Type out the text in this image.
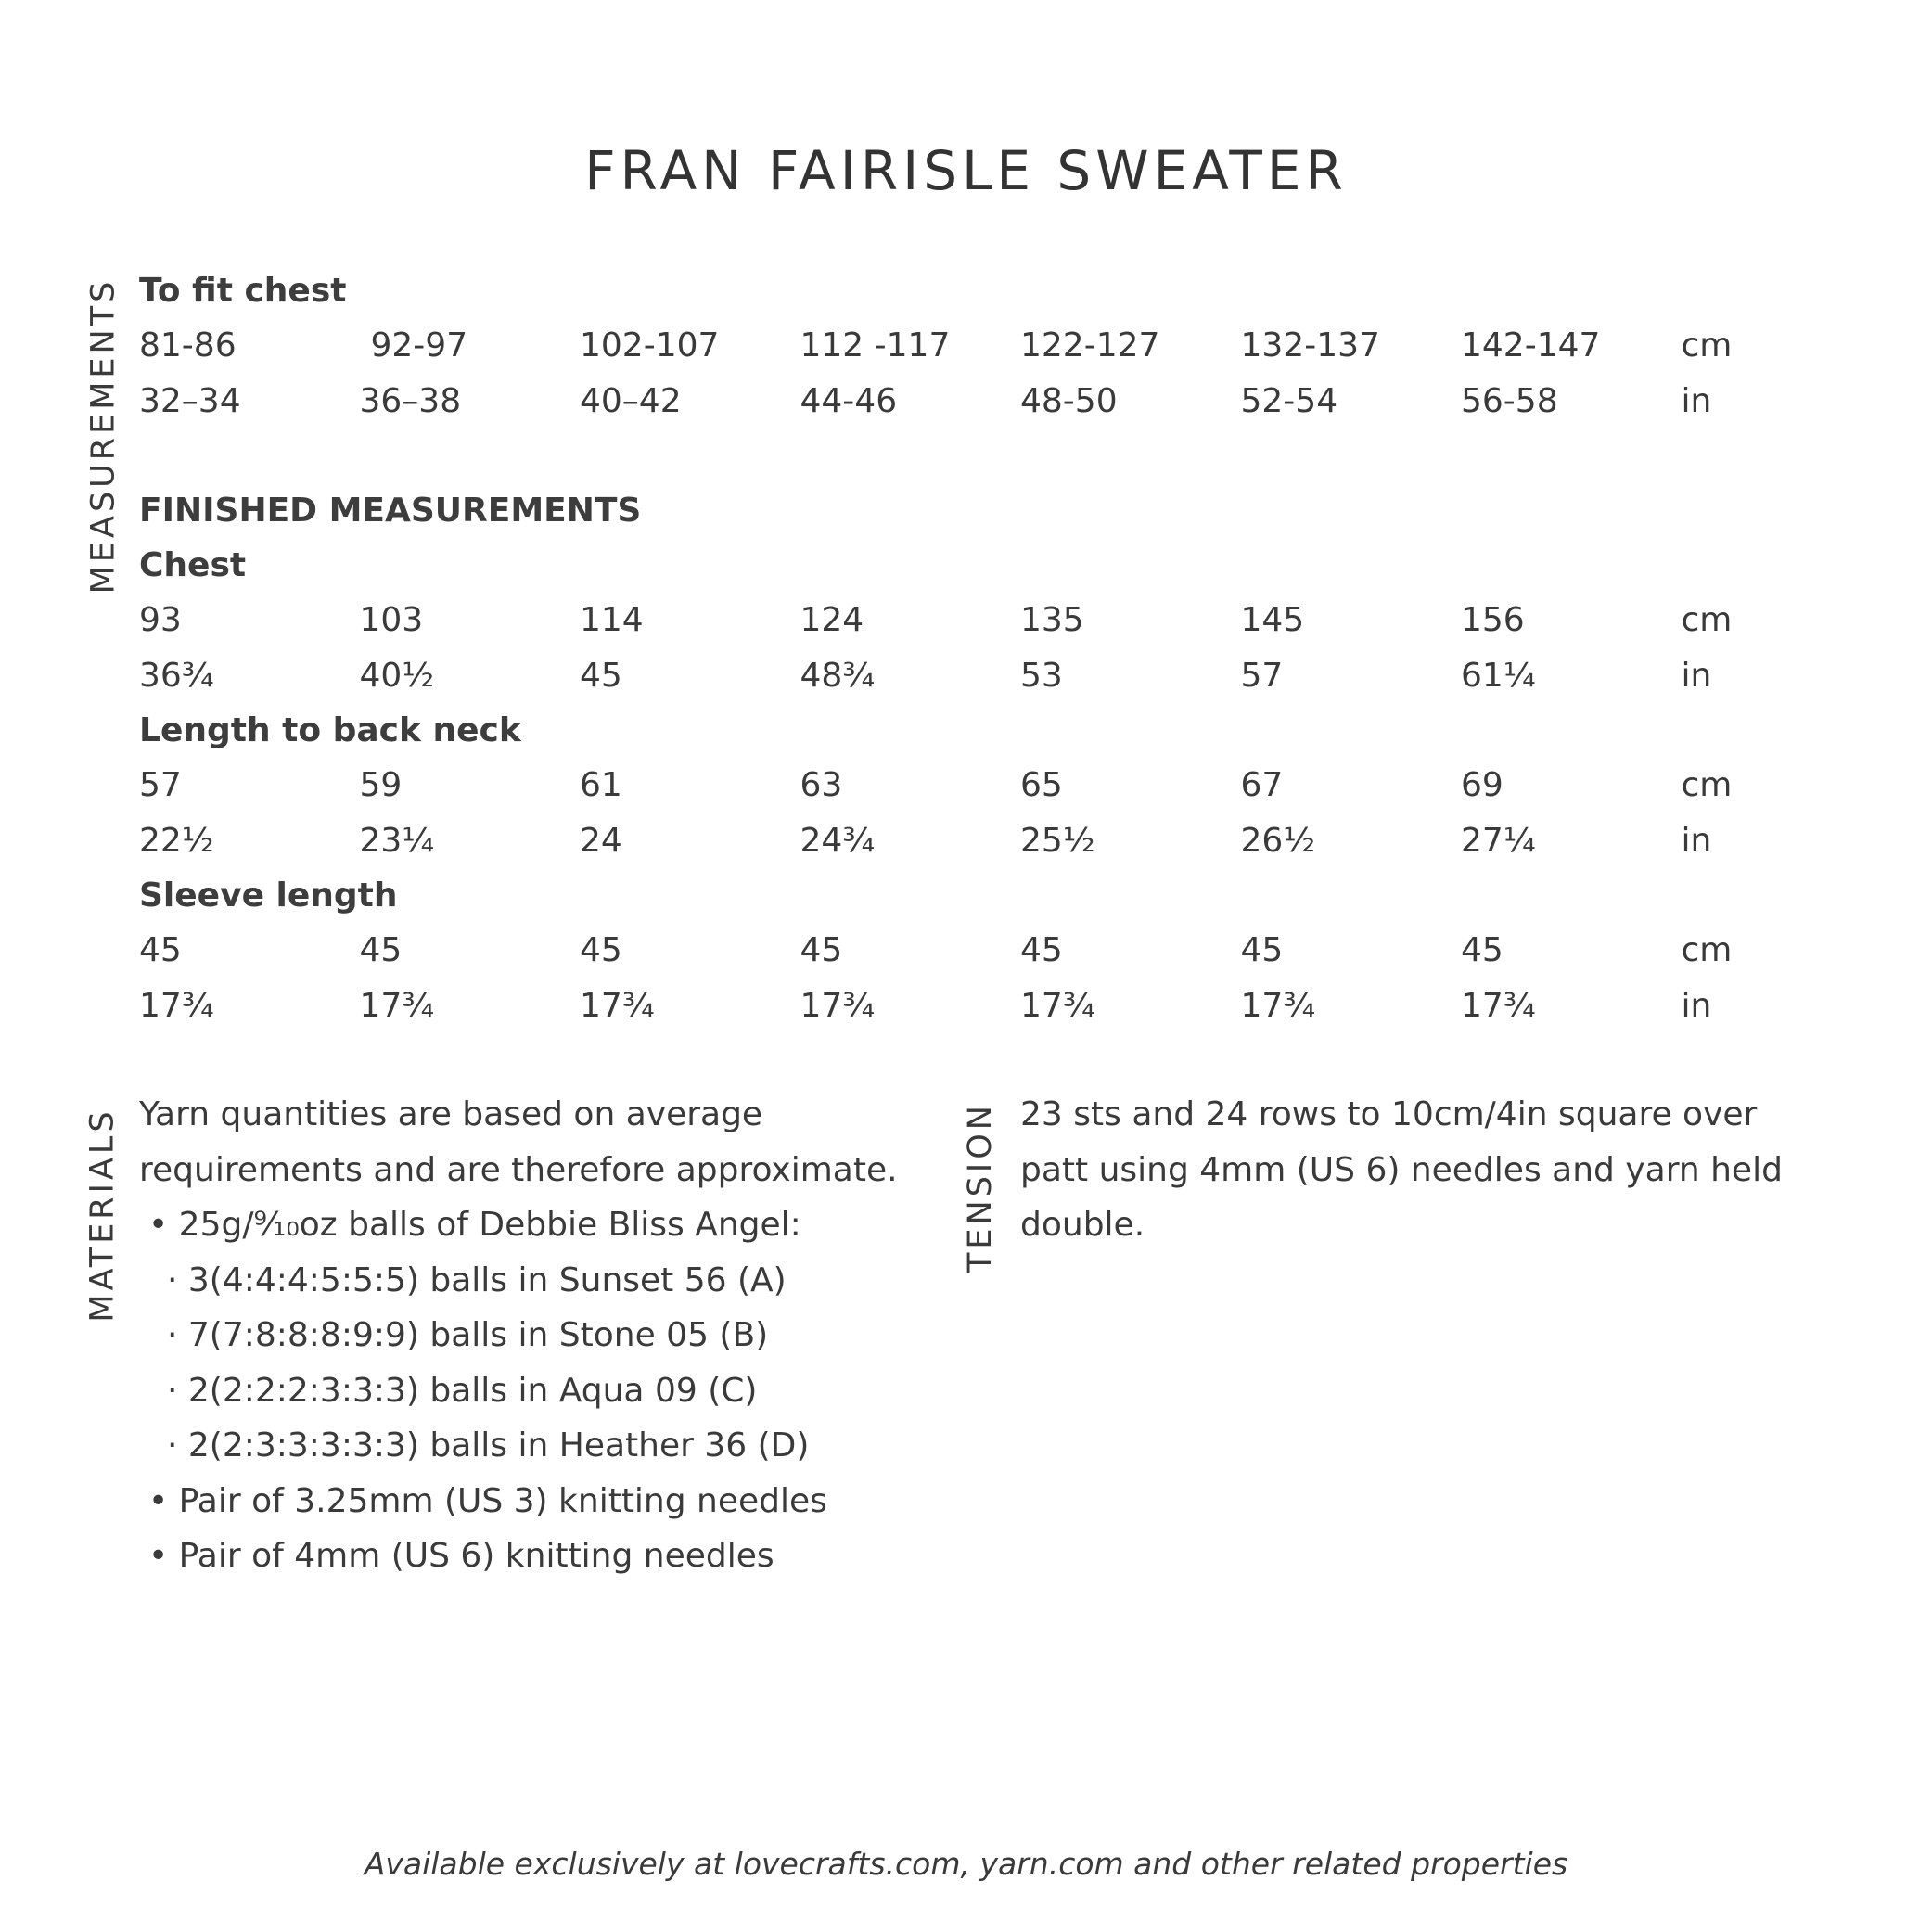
FRAN FAIRISLE SWEATER
MEASUREMENTS
MATERIALS	TENSION
To fit chest
81-86	92-97	102-107	112 -117	122-127	132-137	142-147	cm
32–34	36–38	40–42	44-46	48-50	52-54	56-58	in
FINISHED MEASUREMENTS
Chest
93	103	114	124	135	145	156	cm
36¾	40½	45	48¾	53	57	61¼	in
Length to back neck
57	59	61	63	65	67	69	cm
22½	23¼	24	24¾	25½	26½	27¼	in
Sleeve length
45	45	45	45	45	45	45	cm
17¾	17¾	17¾	17¾	17¾	17¾	17¾	in
Yarn quantities are based on average
requirements and are therefore approximate.
• 25g/⁹⁄₁₀oz balls of Debbie Bliss Angel:
· 3(4:4:4:5:5:5) balls in Sunset 56 (A)
· 7(7:8:8:8:9:9) balls in Stone 05 (B)
· 2(2:2:2:3:3:3) balls in Aqua 09 (C)
· 2(2:3:3:3:3:3) balls in Heather 36 (D)
• Pair of 3.25mm (US 3) knitting needles
• Pair of 4mm (US 6) knitting needles
23 sts and 24 rows to 10cm/4in square over
patt using 4mm (US 6) needles and yarn held
double.
Available exclusively at lovecrafts.com, yarn.com and other related properties
